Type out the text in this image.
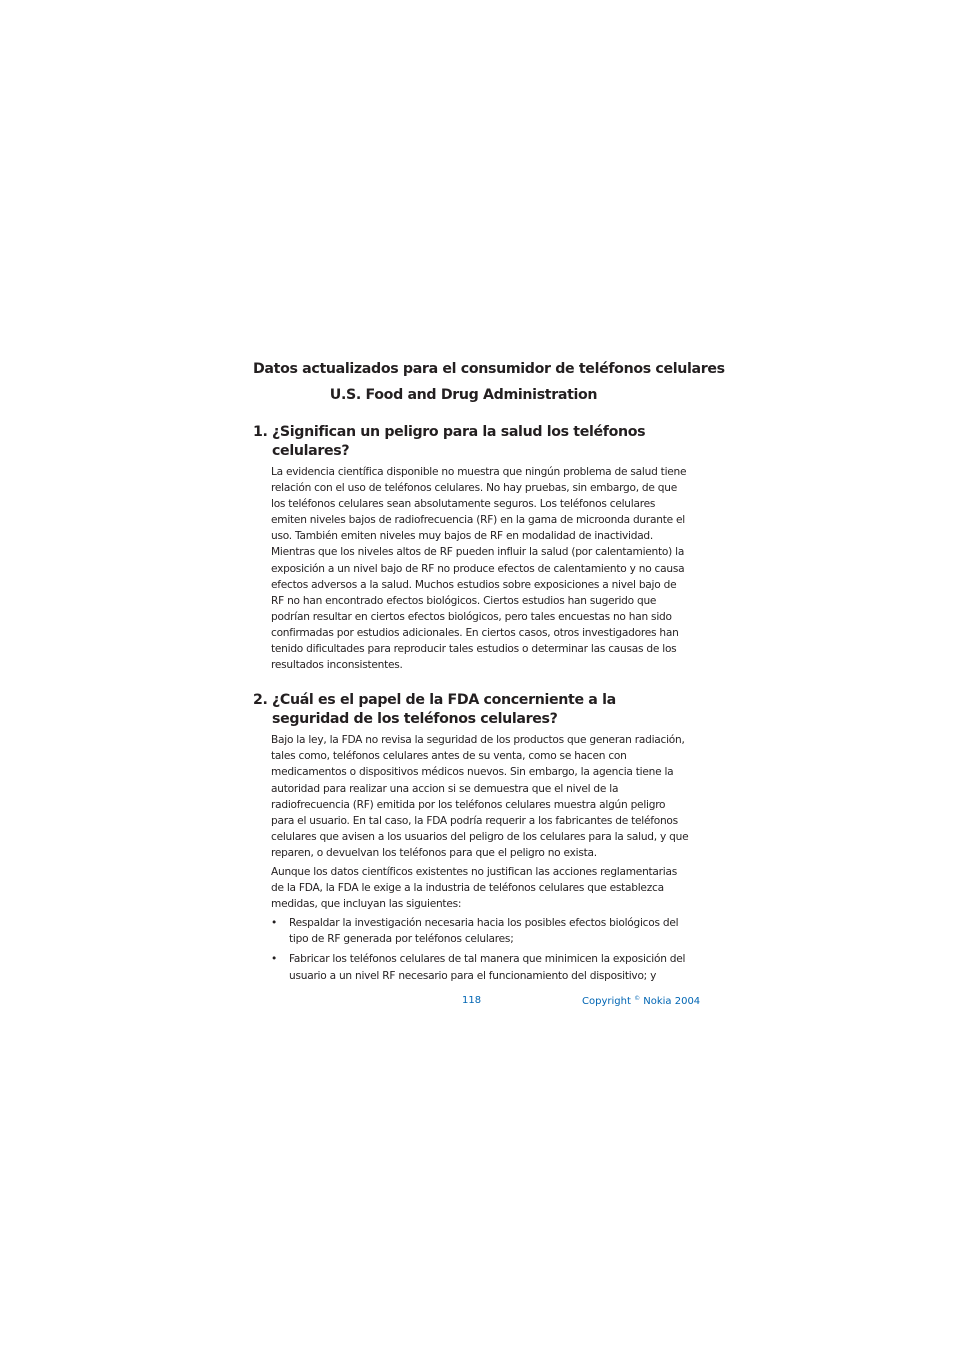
Datos actualizados para el consumidor de teléfonos celulares
U.S. Food and Drug Administration
1. ¿Significan un peligro para la salud los teléfonos celulares?

La evidencia científica disponible no muestra que ningún problema de salud tiene relación con el uso de teléfonos celulares. No hay pruebas, sin embargo, de que los teléfonos celulares sean absolutamente seguros. Los teléfonos celulares emiten niveles bajos de radiofrecuencia (RF) en la gama de microonda durante el uso. También emiten niveles muy bajos de RF en modalidad de inactividad. Mientras que los niveles altos de RF pueden influir la salud (por calentamiento) la exposición a un nivel bajo de RF no produce efectos de calentamiento y no causa efectos adversos a la salud. Muchos estudios sobre exposiciones a nivel bajo de RF no han encontrado efectos biológicos. Ciertos estudios han sugerido que podrían resultar en ciertos efectos biológicos, pero tales encuestas no han sido confirmadas por estudios adicionales. En ciertos casos, otros investigadores han tenido dificultades para reproducir tales estudios o determinar las causas de los resultados inconsistentes.

2. ¿Cuál es el papel de la FDA concerniente a la seguridad de los teléfonos celulares?

Bajo la ley, la FDA no revisa la seguridad de los productos que generan radiación, tales como, teléfonos celulares antes de su venta, como se hacen con medicamentos o dispositivos médicos nuevos. Sin embargo, la agencia tiene la autoridad para realizar una accion si se demuestra que el nivel de la radiofrecuencia (RF) emitida por los teléfonos celulares muestra algún peligro para el usuario. En tal caso, la FDA podría requerir a los fabricantes de teléfonos celulares que avisen a los usuarios del peligro de los celulares para la salud, y que reparen, o devuelvan los teléfonos para que el peligro no exista.

Aunque los datos científicos existentes no justifican las acciones reglamentarias de la FDA, la FDA le exige a la industria de teléfonos celulares que establezca medidas, que incluyan las siguientes:

•	Respaldar la investigación necesaria hacia los posibles efectos biológicos del tipo de RF generada por teléfonos celulares;
•	Fabricar los teléfonos celulares de tal manera que minimicen la exposición del usuario a un nivel RF necesario para el funcionamiento del dispositivo; y
118	Copyright © Nokia 2004
